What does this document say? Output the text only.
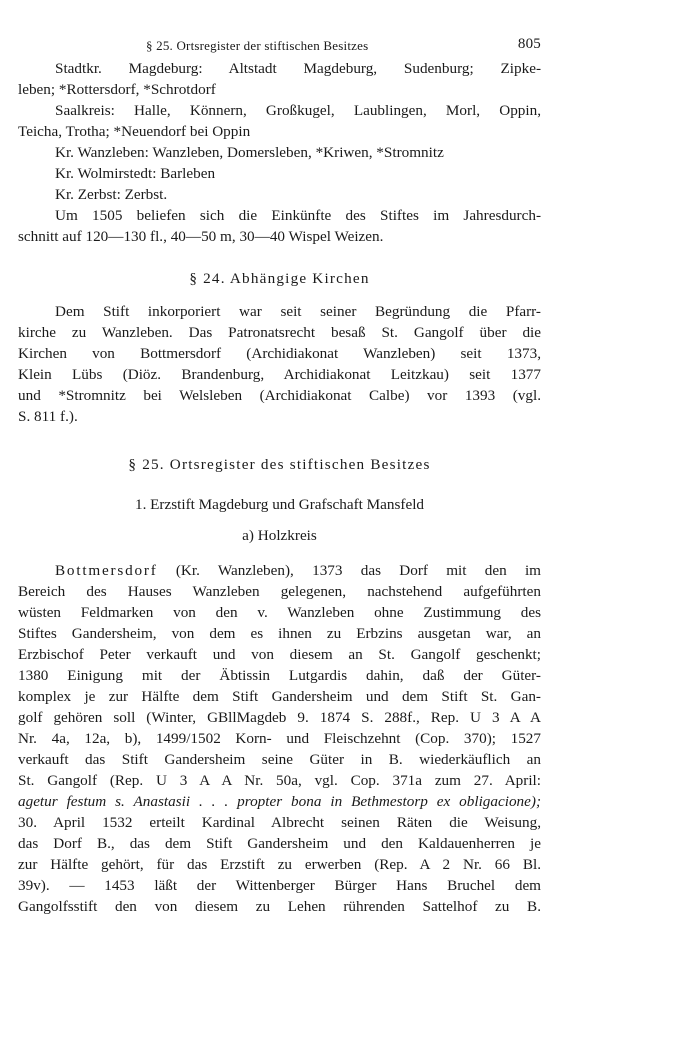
§ 25. Ortsregister der stiftischen Besitzes	805
Stadtkr. Magdeburg: Altstadt Magdeburg, Sudenburg; Zipke-
leben; *Rottersdorf, *Schrotdorf
Saalkreis: Halle, Könnern, Großkugel, Laublingen, Morl, Oppin,
Teicha, Trotha; *Neuendorf bei Oppin
Kr. Wanzleben: Wanzleben, Domersleben, *Kriwen, *Stromnitz
Kr. Wolmirstedt: Barleben
Kr. Zerbst: Zerbst.
Um 1505 beliefen sich die Einkünfte des Stiftes im Jahresdurch-
schnitt auf 120—130 fl., 40—50 m, 30—40 Wispel Weizen.
§ 24. Abhängige Kirchen
Dem Stift inkorporiert war seit seiner Begründung die Pfarr-
kirche zu Wanzleben. Das Patronatsrecht besaß St. Gangolf über die
Kirchen von Bottmersdorf (Archidiakonat Wanzleben) seit 1373,
Klein Lübs (Diöz. Brandenburg, Archidiakonat Leitzkau) seit 1377
und *Stromnitz bei Welsleben (Archidiakonat Calbe) vor 1393 (vgl.
S. 811 f.).
§ 25. Ortsregister des stiftischen Besitzes
1. Erzstift Magdeburg und Grafschaft Mansfeld
a) Holzkreis
Bottmersdorf (Kr. Wanzleben), 1373 das Dorf mit den im
Bereich des Hauses Wanzleben gelegenen, nachstehend aufgeführten
wüsten Feldmarken von den v. Wanzleben ohne Zustimmung des
Stiftes Gandersheim, von dem es ihnen zu Erbzins ausgetan war, an
Erzbischof Peter verkauft und von diesem an St. Gangolf geschenkt;
1380 Einigung mit der Äbtissin Lutgardis dahin, daß der Güter-
komplex je zur Hälfte dem Stift Gandersheim und dem Stift St. Gan-
golf gehören soll (Winter, GBllMagdeb 9. 1874 S. 288f., Rep. U 3 A A
Nr. 4a, 12a, b), 1499/1502 Korn- und Fleischzehnt (Cop. 370); 1527
verkauft das Stift Gandersheim seine Güter in B. wiederkäuflich an
St. Gangolf (Rep. U 3 A A Nr. 50a, vgl. Cop. 371a zum 27. April:
agetur festum s. Anastasii . . . propter bona in Bethmestorp ex obligacione);
30. April 1532 erteilt Kardinal Albrecht seinen Räten die Weisung,
das Dorf B., das dem Stift Gandersheim und den Kaldauenherren je
zur Hälfte gehört, für das Erzstift zu erwerben (Rep. A 2 Nr. 66 Bl.
39v). — 1453 läßt der Wittenberger Bürger Hans Bruchel dem
Gangolfsstift den von diesem zu Lehen rührenden Sattelhof zu B.
